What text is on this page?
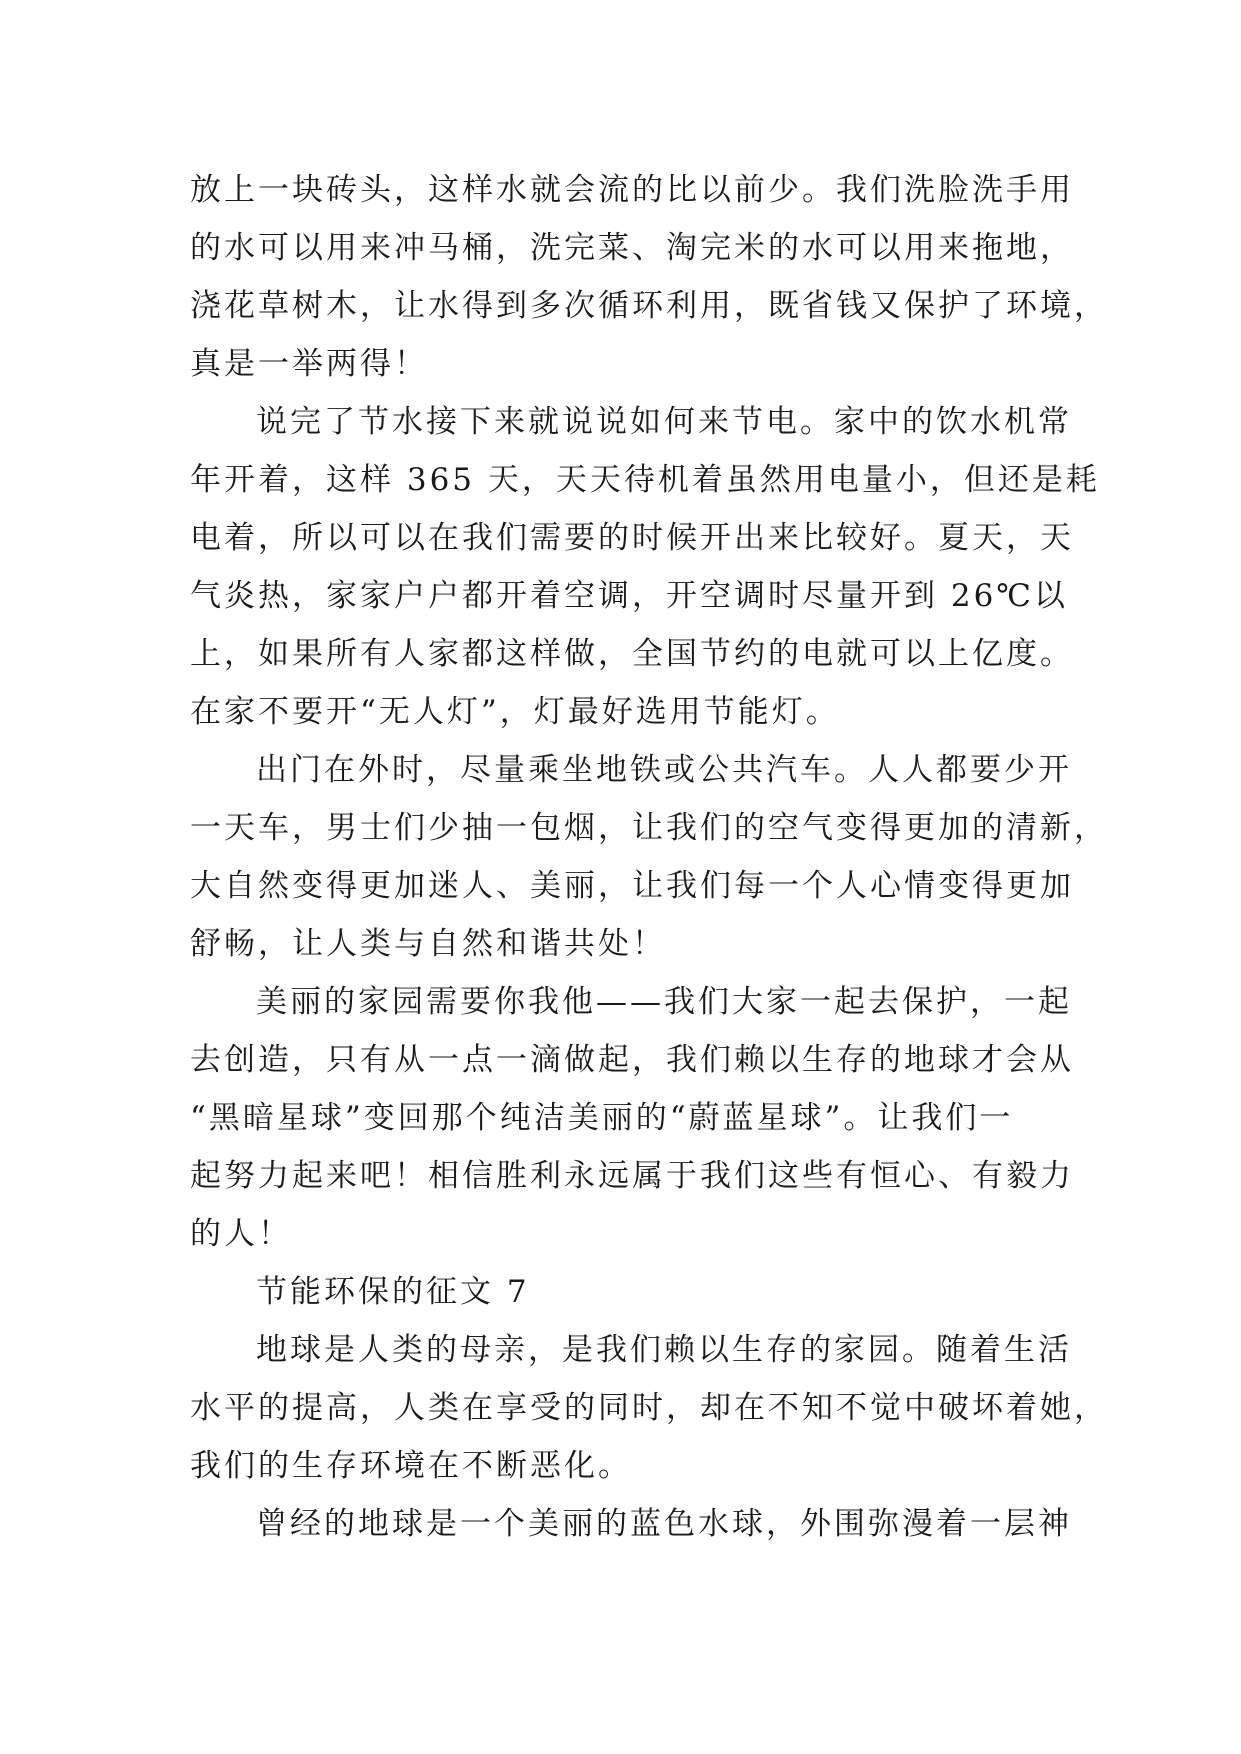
放上一块砖头，这样水就会流的比以前少。我们洗脸洗手用
的水可以用来冲马桶，洗完菜、淘完米的水可以用来拖地，
浇花草树木，让水得到多次循环利用，既省钱又保护了环境，
真是一举两得！
说完了节水接下来就说说如何来节电。家中的饮水机常
年开着，这样 365 天，天天待机着虽然用电量小，但还是耗
电着，所以可以在我们需要的时候开出来比较好。夏天，天
气炎热，家家户户都开着空调，开空调时尽量开到 26℃以
上，如果所有人家都这样做，全国节约的电就可以上亿度。
在家不要开“无人灯”，灯最好选用节能灯。
出门在外时，尽量乘坐地铁或公共汽车。人人都要少开
一天车，男士们少抽一包烟，让我们的空气变得更加的清新，
大自然变得更加迷人、美丽，让我们每一个人心情变得更加
舒畅，让人类与自然和谐共处！
美丽的家园需要你我他——我们大家一起去保护，一起
去创造，只有从一点一滴做起，我们赖以生存的地球才会从
“黑暗星球”变回那个纯洁美丽的“蔚蓝星球”。让我们一
起努力起来吧！相信胜利永远属于我们这些有恒心、有毅力
的人！
节能环保的征文 7
地球是人类的母亲，是我们赖以生存的家园。随着生活
水平的提高，人类在享受的同时，却在不知不觉中破坏着她，
我们的生存环境在不断恶化。
曾经的地球是一个美丽的蓝色水球，外围弥漫着一层神
